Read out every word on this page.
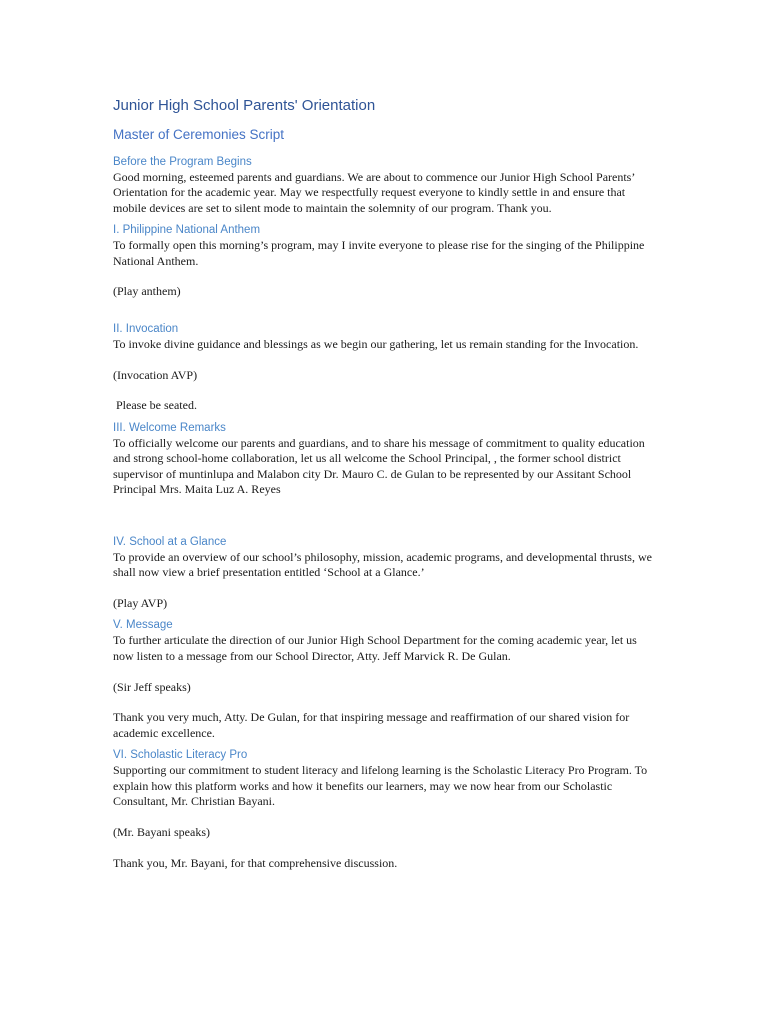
Junior High School Parents' Orientation
Master of Ceremonies Script
Before the Program Begins

Good morning, esteemed parents and guardians. We are about to commence our Junior High School Parents’ Orientation for the academic year. May we respectfully request everyone to kindly settle in and ensure that mobile devices are set to silent mode to maintain the solemnity of our program. Thank you.

I. Philippine National Anthem

To formally open this morning’s program, may I invite everyone to please rise for the singing of the Philippine National Anthem.

(Play anthem)

II. Invocation

To invoke divine guidance and blessings as we begin our gathering, let us remain standing for the Invocation.

(Invocation AVP)

Please be seated.

III. Welcome Remarks

To officially welcome our parents and guardians, and to share his message of commitment to quality education and strong school-home collaboration, let us all welcome the School Principal, , the former school district supervisor of muntinlupa and Malabon city Dr. Mauro C. de Gulan to be represented by our Assitant School Principal Mrs. Maita Luz A. Reyes

IV. School at a Glance

To provide an overview of our school’s philosophy, mission, academic programs, and developmental thrusts, we shall now view a brief presentation entitled ‘School at a Glance.’

(Play AVP)

V. Message

To further articulate the direction of our Junior High School Department for the coming academic year, let us now listen to a message from our School Director, Atty. Jeff Marvick R. De Gulan.

(Sir Jeff speaks)

Thank you very much, Atty. De Gulan, for that inspiring message and reaffirmation of our shared vision for academic excellence.

VI. Scholastic Literacy Pro

Supporting our commitment to student literacy and lifelong learning is the Scholastic Literacy Pro Program. To explain how this platform works and how it benefits our learners, may we now hear from our Scholastic Consultant, Mr. Christian Bayani.

(Mr. Bayani speaks)

Thank you, Mr. Bayani, for that comprehensive discussion.
